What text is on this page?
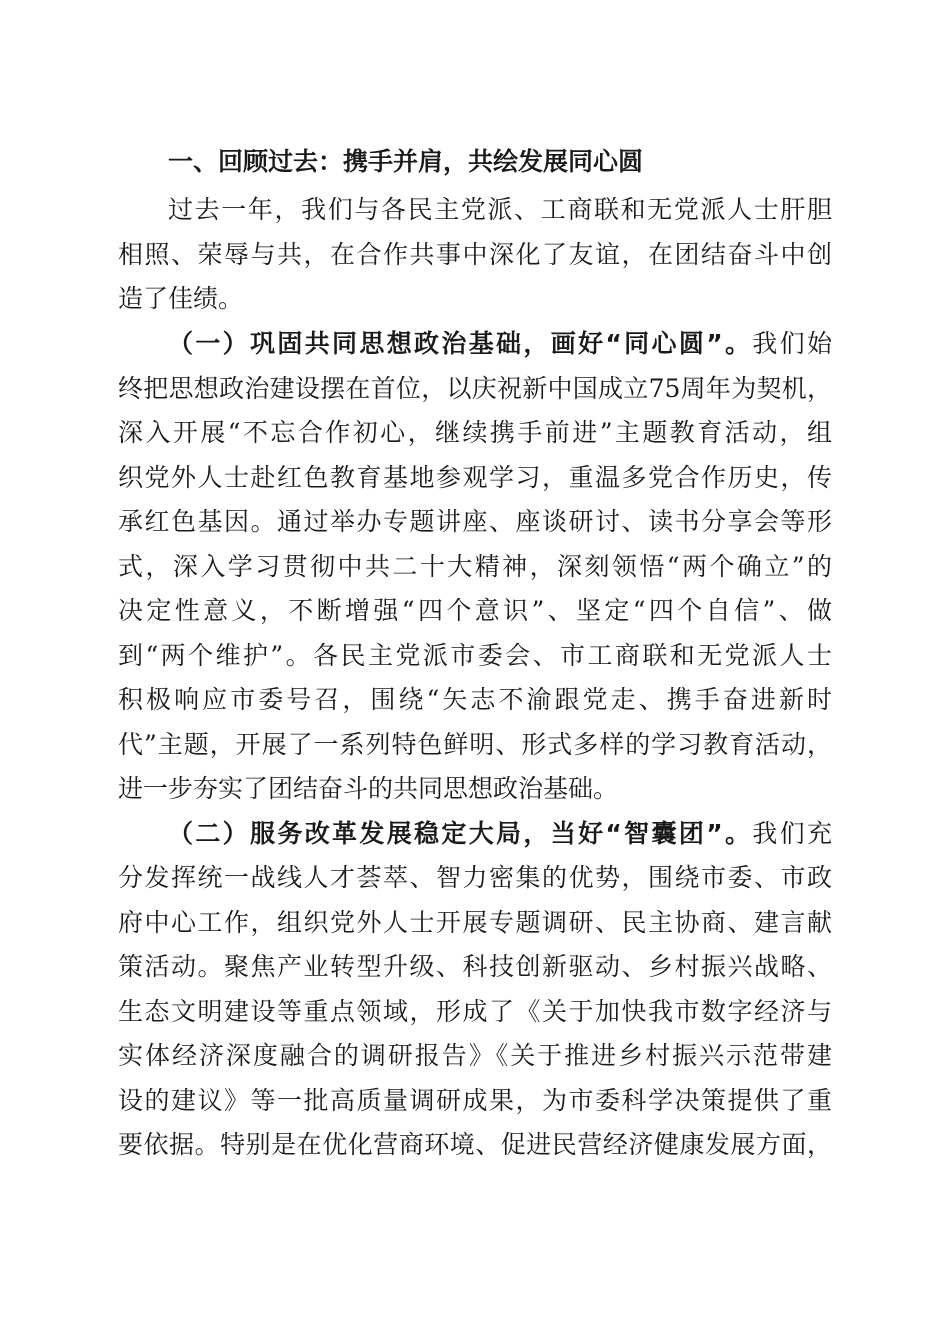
一、回顾过去：携手并肩，共绘发展同心圆
过去一年，我们与各民主党派、工商联和无党派人士肝胆
相照、荣辱与共，在合作共事中深化了友谊，在团结奋斗中创
造了佳绩。
（一）巩固共同思想政治基础，画好“同心圆”。我们始
终把思想政治建设摆在首位，以庆祝新中国成立75周年为契机，
深入开展“不忘合作初心，继续携手前进”主题教育活动，组
织党外人士赴红色教育基地参观学习，重温多党合作历史，传
承红色基因。通过举办专题讲座、座谈研讨、读书分享会等形
式，深入学习贯彻中共二十大精神，深刻领悟“两个确立”的
决定性意义，不断增强“四个意识”、坚定“四个自信”、做
到“两个维护”。各民主党派市委会、市工商联和无党派人士
积极响应市委号召，围绕“矢志不渝跟党走、携手奋进新时
代”主题，开展了一系列特色鲜明、形式多样的学习教育活动，
进一步夯实了团结奋斗的共同思想政治基础。
（二）服务改革发展稳定大局，当好“智囊团”。我们充
分发挥统一战线人才荟萃、智力密集的优势，围绕市委、市政
府中心工作，组织党外人士开展专题调研、民主协商、建言献
策活动。聚焦产业转型升级、科技创新驱动、乡村振兴战略、
生态文明建设等重点领域，形成了《关于加快我市数字经济与
实体经济深度融合的调研报告》《关于推进乡村振兴示范带建
设的建议》等一批高质量调研成果，为市委科学决策提供了重
要依据。特别是在优化营商环境、促进民营经济健康发展方面，
